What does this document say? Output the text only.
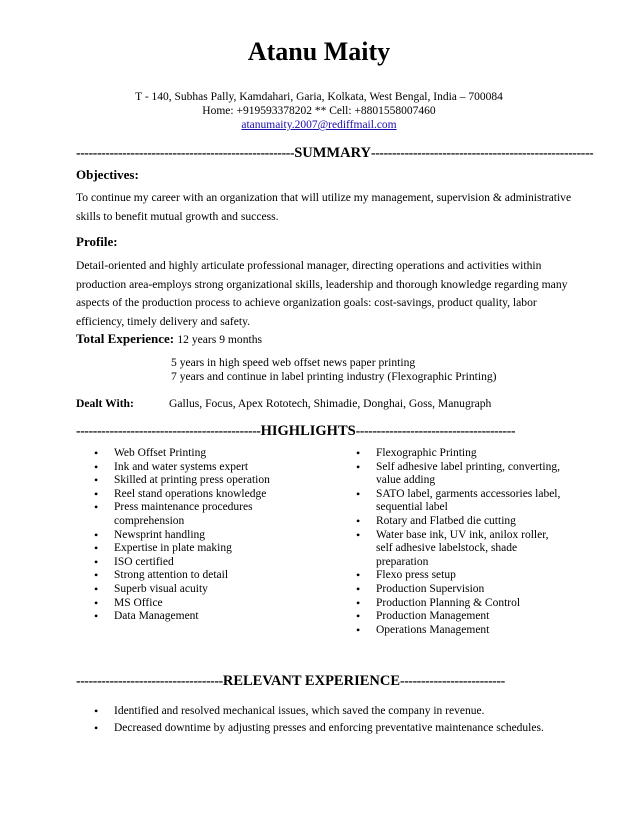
Atanu Maity
T - 140, Subhas Pally, Kamdahari, Garia, Kolkata, West Bengal, India – 700084
Home: +919593378202 ** Cell: +8801558007460
atanumaity.2007@rediffmail.com
----------------------------------------------------SUMMARY-----------------------------------------------------
Objectives:
To continue my career with an organization that will utilize my management, supervision & administrative skills to benefit mutual growth and success.
Profile:
Detail-oriented and highly articulate professional manager, directing operations and activities within production area-employs strong organizational skills, leadership and thorough knowledge regarding many aspects of the production process to achieve organization goals: cost-savings, product quality, labor efficiency, timely delivery and safety.
Total Experience: 12 years 9 months
5 years in high speed web offset news paper printing
7 years and continue in label printing industry (Flexographic Printing)
Dealt With:	Gallus, Focus, Apex Rototech, Shimadie, Donghai, Goss, Manugraph
--------------------------------------------HIGHLIGHTS--------------------------------------
• Web Offset Printing
• Ink and water systems expert
• Skilled at printing press operation
• Reel stand operations knowledge
• Press maintenance procedures comprehension
• Newsprint handling
• Expertise in plate making
• ISO certified
• Strong attention to detail
• Superb visual acuity
• MS Office
• Data Management
• Flexographic Printing
• Self adhesive label printing, converting, value adding
• SATO label, garments accessories label, sequential label
• Rotary and Flatbed die cutting
• Water base ink, UV ink, anilox roller, self adhesive labelstock, shade preparation
• Flexo press setup
• Production Supervision
• Production Planning & Control
• Production Management
• Operations Management
-----------------------------------RELEVANT EXPERIENCE-------------------------
• Identified and resolved mechanical issues, which saved the company in revenue.
• Decreased downtime by adjusting presses and enforcing preventative maintenance schedules.
